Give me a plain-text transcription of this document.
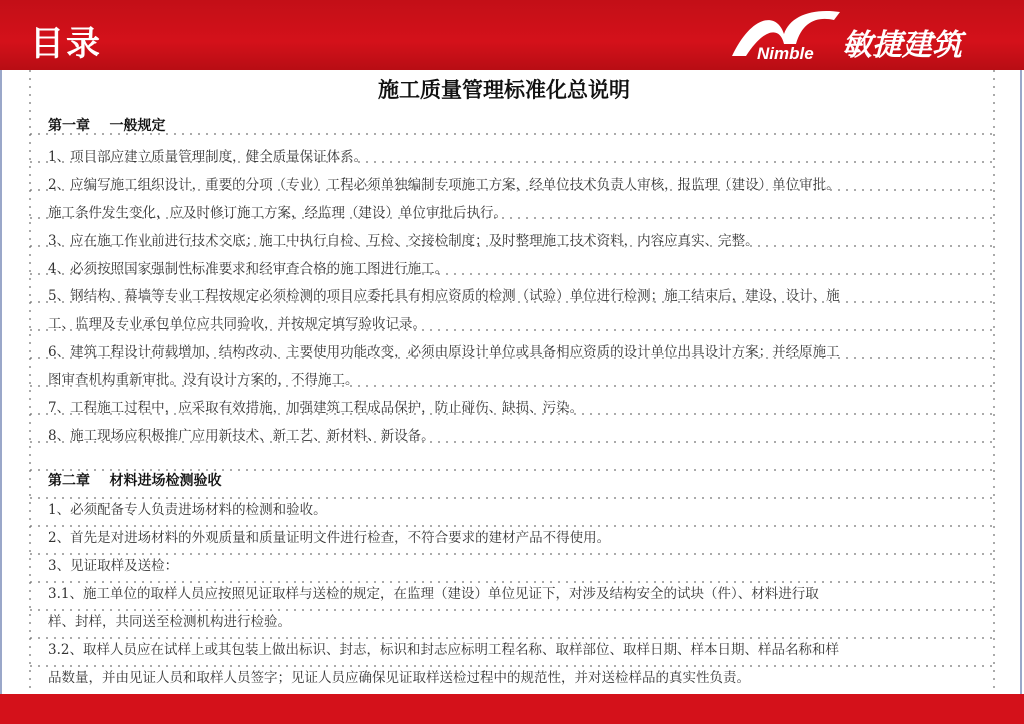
目录	Nimble 敏捷建筑
施工质量管理标准化总说明
第一章    一般规定
1、项目部应建立质量管理制度，健全质量保证体系。
2、应编写施工组织设计，重要的分项（专业）工程必须单独编制专项施工方案，经单位技术负责人审核，报监理（建设）单位审批。
施工条件发生变化，应及时修订施工方案，经监理（建设）单位审批后执行。
3、应在施工作业前进行技术交底；施工中执行自检、互检、交接检制度；及时整理施工技术资料，内容应真实、完整。
4、必须按照国家强制性标准要求和经审查合格的施工图进行施工。
5、钢结构、幕墙等专业工程按规定必须检测的项目应委托具有相应资质的检测（试验）单位进行检测；施工结束后，建设、设计、施
工、监理及专业承包单位应共同验收，并按规定填写验收记录。
6、建筑工程设计荷载增加、结构改动、主要使用功能改变，必须由原设计单位或具备相应资质的设计单位出具设计方案；并经原施工
图审查机构重新审批。没有设计方案的，不得施工。
7、工程施工过程中，应采取有效措施，加强建筑工程成品保护，防止碰伤、缺损、污染。
8、施工现场应积极推广应用新技术、新工艺、新材料、新设备。
第二章    材料进场检测验收
1、必须配备专人负责进场材料的检测和验收。
2、首先是对进场材料的外观质量和质量证明文件进行检查，不符合要求的建材产品不得使用。
3、见证取样及送检：
3.1、施工单位的取样人员应按照见证取样与送检的规定，在监理（建设）单位见证下，对涉及结构安全的试块（件）、材料进行取
样、封样，共同送至检测机构进行检验。
3.2、取样人员应在试样上或其包装上做出标识、封志，标识和封志应标明工程名称、取样部位、取样日期、样本日期、样品名称和样
品数量，并由见证人员和取样人员签字；见证人员应确保见证取样送检过程中的规范性，并对送检样品的真实性负责。
